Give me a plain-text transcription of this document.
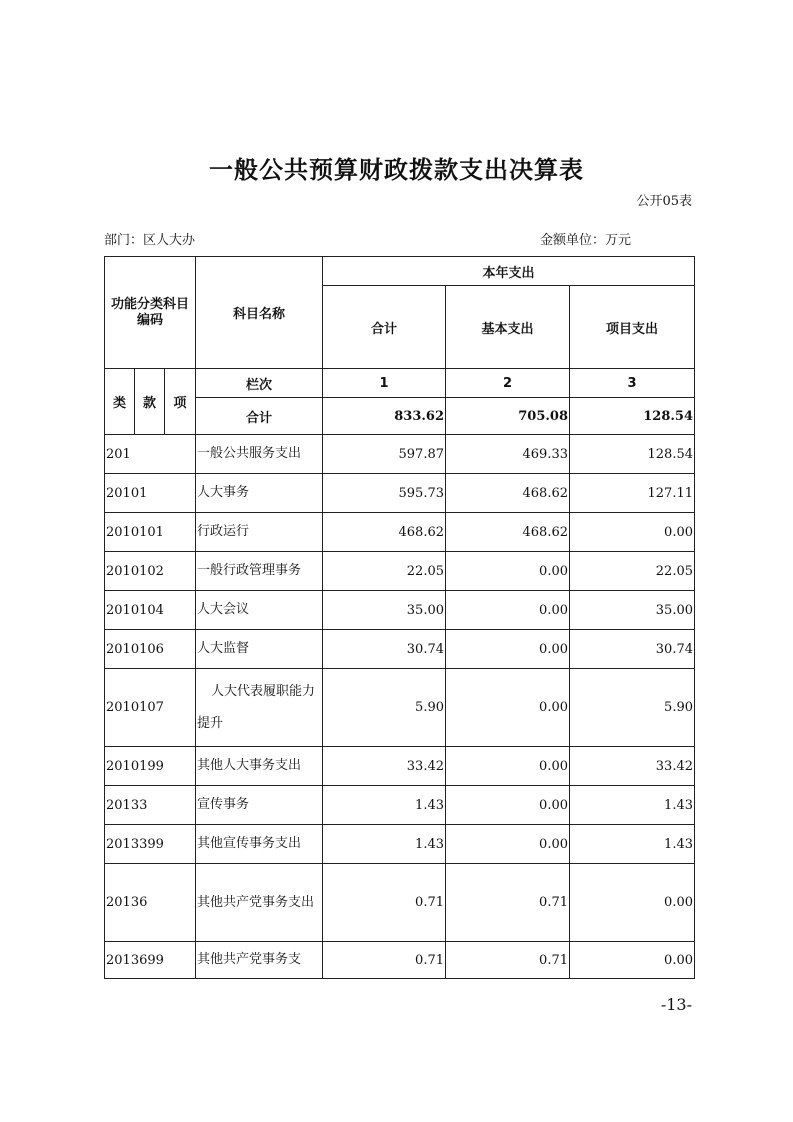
一般公共预算财政拨款支出决算表
公开05表
部门：区人大办	金额单位：万元
功能分类科目编码			科目名称	本年支出		
				合计	基本支出	项目支出
类	款	项	栏次	1	2	3
			合计	833.62	705.08	128.54
201			一般公共服务支出	597.87	469.33	128.54
20101			人大事务	595.73	468.62	127.11
2010101			行政运行	468.62	468.62	0.00
2010102			一般行政管理事务	22.05	0.00	22.05
2010104			人大会议	35.00	0.00	35.00
2010106			人大监督	30.74	0.00	30.74
2010107			人大代表履职能力提升	5.90	0.00	5.90
2010199			其他人大事务支出	33.42	0.00	33.42
20133			宣传事务	1.43	0.00	1.43
2013399			其他宣传事务支出	1.43	0.00	1.43
20136			其他共产党事务支出	0.71	0.71	0.00
2013699			其他共产党事务支	0.71	0.71	0.00
-13-
